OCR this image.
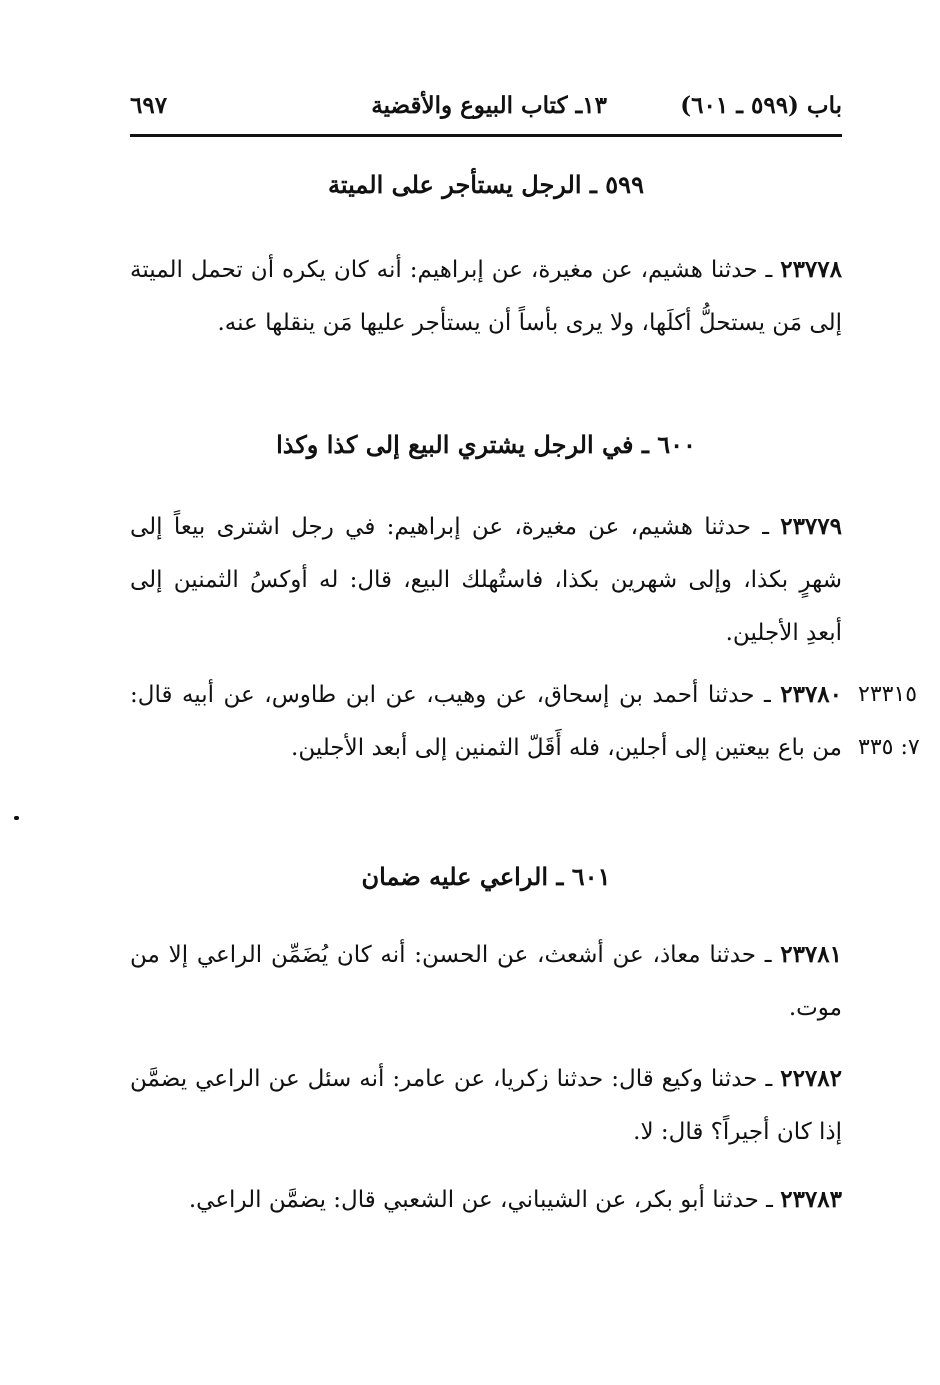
باب (٥٩٩ ـ ٦٠١)
١٣ـ كتاب البيوع والأقضية
٦٩٧
٥٩٩ ـ الرجل يستأجر على الميتة
٢٣٧٧٨ ـ حدثنا هشيم، عن مغيرة، عن إبراهيم: أنه كان يكره أن تحمل الميتة إلى مَن يستحلُّ أكلَها، ولا يرى بأساً أن يستأجر عليها مَن ينقلها عنه.
٦٠٠ ـ في الرجل يشتري البيع إلى كذا وكذا
٢٣٧٧٩ ـ حدثنا هشيم، عن مغيرة، عن إبراهيم: في رجل اشترى بيعاً إلى شهرٍ بكذا، وإلى شهرين بكذا، فاستُهلك البيع، قال: له أوكسُ الثمنين إلى أبعدِ الأجلين.
٢٣٧٨٠ ـ حدثنا أحمد بن إسحاق، عن وهيب، عن ابن طاوس، عن أبيه قال: من باع بيعتين إلى أجلين، فله أَقَلّ الثمنين إلى أبعد الأجلين.
٢٣٣١٥
٧: ٣٣٥
٦٠١ ـ الراعي عليه ضمان
٢٣٧٨١ ـ حدثنا معاذ، عن أشعث، عن الحسن: أنه كان يُضَمِّن الراعي إلا من موت.
٢٢٧٨٢ ـ حدثنا وكيع قال: حدثنا زكريا، عن عامر: أنه سئل عن الراعي يضمَّن إذا كان أجيراً؟ قال: لا.
٢٣٧٨٣ ـ حدثنا أبو بكر، عن الشيباني، عن الشعبي قال: يضمَّن الراعي.
